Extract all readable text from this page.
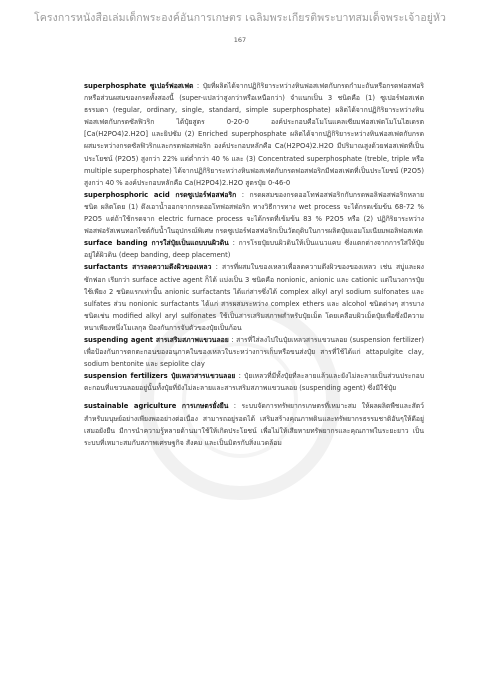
โครงการหนังสือเล่มเด็กพระองค์อันการเกษตร เฉลิมพระเกียรติพระบาทสมเด็จพระเจ้าอยู่หัว
167

superphosphate ซูเปอร์ฟอสเฟต : ปุ๋ยที่ผลิตได้จากปฏิกิริยาระหว่างหินฟอสเฟตกับกรดกำมะถันหรือกรดฟอสฟอริกหรือส่วนผสมของกรดทั้งสองนี้ (super-แปลว่าสูงกว่าหรือเหนือกว่า) จำแนกเป็น 3 ชนิดคือ (1) ซูเปอร์ฟอสเฟตธรรมดา (regular, ordinary, single, standard, simple superphosphate) ผลิตได้จากปฏิกิริยาระหว่างหินฟอสเฟตกับกรดซัลฟิวริก ได้ปุ๋ยสูตร 0-20-0 องค์ประกอบคือโมโนแคลเซียมฟอสเฟตโมโนไฮเดรต [Ca(H2PO4)2.H2O] และยิปซัม (2) Enriched superphosphate ผลิตได้จากปฏิกิริยาระหว่างหินฟอสเฟตกับกรดผสมระหว่างกรดซัลฟิวริกและกรดฟอสฟอริก องค์ประกอบหลักคือ Ca(H2PO4)2.H2O มีปริมาณสูงด้วยฟอสเฟตที่เป็นประโยชน์ (P2O5) สูงกว่า 22% แต่ต่ำกว่า 40 % และ (3) Concentrated superphosphate (treble, triple หรือ multiple superphosphate) ได้จากปฏิกิริยาระหว่างหินฟอสเฟตกับกรดฟอสฟอริกมีฟอสเฟตที่เป็นประโยชน์ (P2O5) สูงกว่า 40 % องค์ประกอบหลักคือ Ca(H2PO4)2.H2O สูตรปุ๋ย 0-46-0

superphosphoric acid กรดซูเปอร์ฟอสฟอริก : กรดผสมของกรดออโทฟอสฟอริกกับกรดพอลิฟอสฟอริกหลายชนิด ผลิตโดย (1) ดึงเอาน้ำออกจากกรดออโทฟอสฟอริก ทางวิธีการทาง wet process จะได้กรดเข้มข้น 68-72 % P2O5 แต่ถ้าใช้กรดจาก electric furnace process จะได้กรดที่เข้มข้น 83 % P2O5 หรือ (2) ปฏิกิริยาระหว่างฟอสฟอรัสเพนทอกไซด์กับน้ำในอุปกรณ์พิเศษ กรดซูเปอร์ฟอสฟอริกเป็นวัตถุดิบในการผลิตปุ๋ยแอมโมเนียมพอลิฟอสเฟต

surface banding การใส่ปุ๋ยเป็นแถบบนผิวดิน : การโรยปุ๋ยบนผิวดินให้เป็นแนวแคบ ซึ่งแตกต่างจากการใส่ให้ปุ๋ยอยู่ใต้ผิวดิน (deep banding, deep placement)

surfactants สารลดความตึงผิวของเหลว : สารที่ผสมในของเหลวเพื่อลดความตึงผิวของของเหลว เช่น สบู่และผงซักฟอก เรียกว่า surface active agent ก็ได้ แบ่งเป็น 3 ชนิดคือ nonionic, anionic และ cationic แต่ในวงการปุ๋ยใช้เพียง 2 ชนิดแรกเท่านั้น anionic surfactants ได้แก่สารซึ่งได้ complex alkyl aryl sodium sulfonates และ sulfates ส่วน nonionic surfactants ได้แก่ สารผสมระหว่าง complex ethers และ alcohol ชนิดต่างๆ สารบางชนิดเช่น modified alkyl aryl sulfonates ใช้เป็นสารเสริมสภาพสำหรับปุ๋ยเม็ด โดยเคลือบผิวเม็ดปุ๋ยเพื่อซึ่งมีความหนาเพียงหนึ่งโมเลกุล ป้องกันการจับตัวของปุ๋ยเป็นก้อน

suspending agent สารเสริมสภาพแขวนลอย : สารที่ใส่ลงไปในปุ๋ยเหลวสารแขวนลอย (suspension fertilizer) เพื่อป้องกันการตกตะกอนของอนุภาคในของเหลวในระหว่างการเก็บหรือขนส่งปุ๋ย สารที่ใช้ได้แก่ attapulgite clay, sodium bentonite และ sepiolite clay

suspension fertilizers ปุ๋ยเหลวสารแขวนลอย : ปุ๋ยเหลวที่มีทั้งปุ๋ยที่ละลายแล้วและยังไม่ละลายเป็นส่วนประกอบ ตะกอนที่แขวนลอยอยู่นั้นทั้งปุ๋ยที่ยังไม่ละลายและสารเสริมสภาพแขวนลอย (suspending agent) ซึ่งมีใช้ปุ๋ย

sustainable agriculture การเกษตรยั่งยืน : ระบบจัดการทรัพยากรเกษตรที่เหมาะสม ให้ผลผลิตพืชและสัตว์สำหรับมนุษย์อย่างเพียงพออย่างต่อเนื่อง สามารถอยู่รอดได้ เสริมสร้างคุณภาพดินและทรัพยากรธรรมชาติอันๆให้ดีอยู่เสมอยังยืน มีการนำความรู้หลายด้านมาใช้ให้เกิดประโยชน์ เพื่อไม่ให้เสียหายทรัพยากรและคุณภาพในระยะยาว เป็นระบบที่เหมาะสมกับสภาพเศรษฐกิจ สังคม และเป็นมิตรกับสิ่งแวดล้อม
